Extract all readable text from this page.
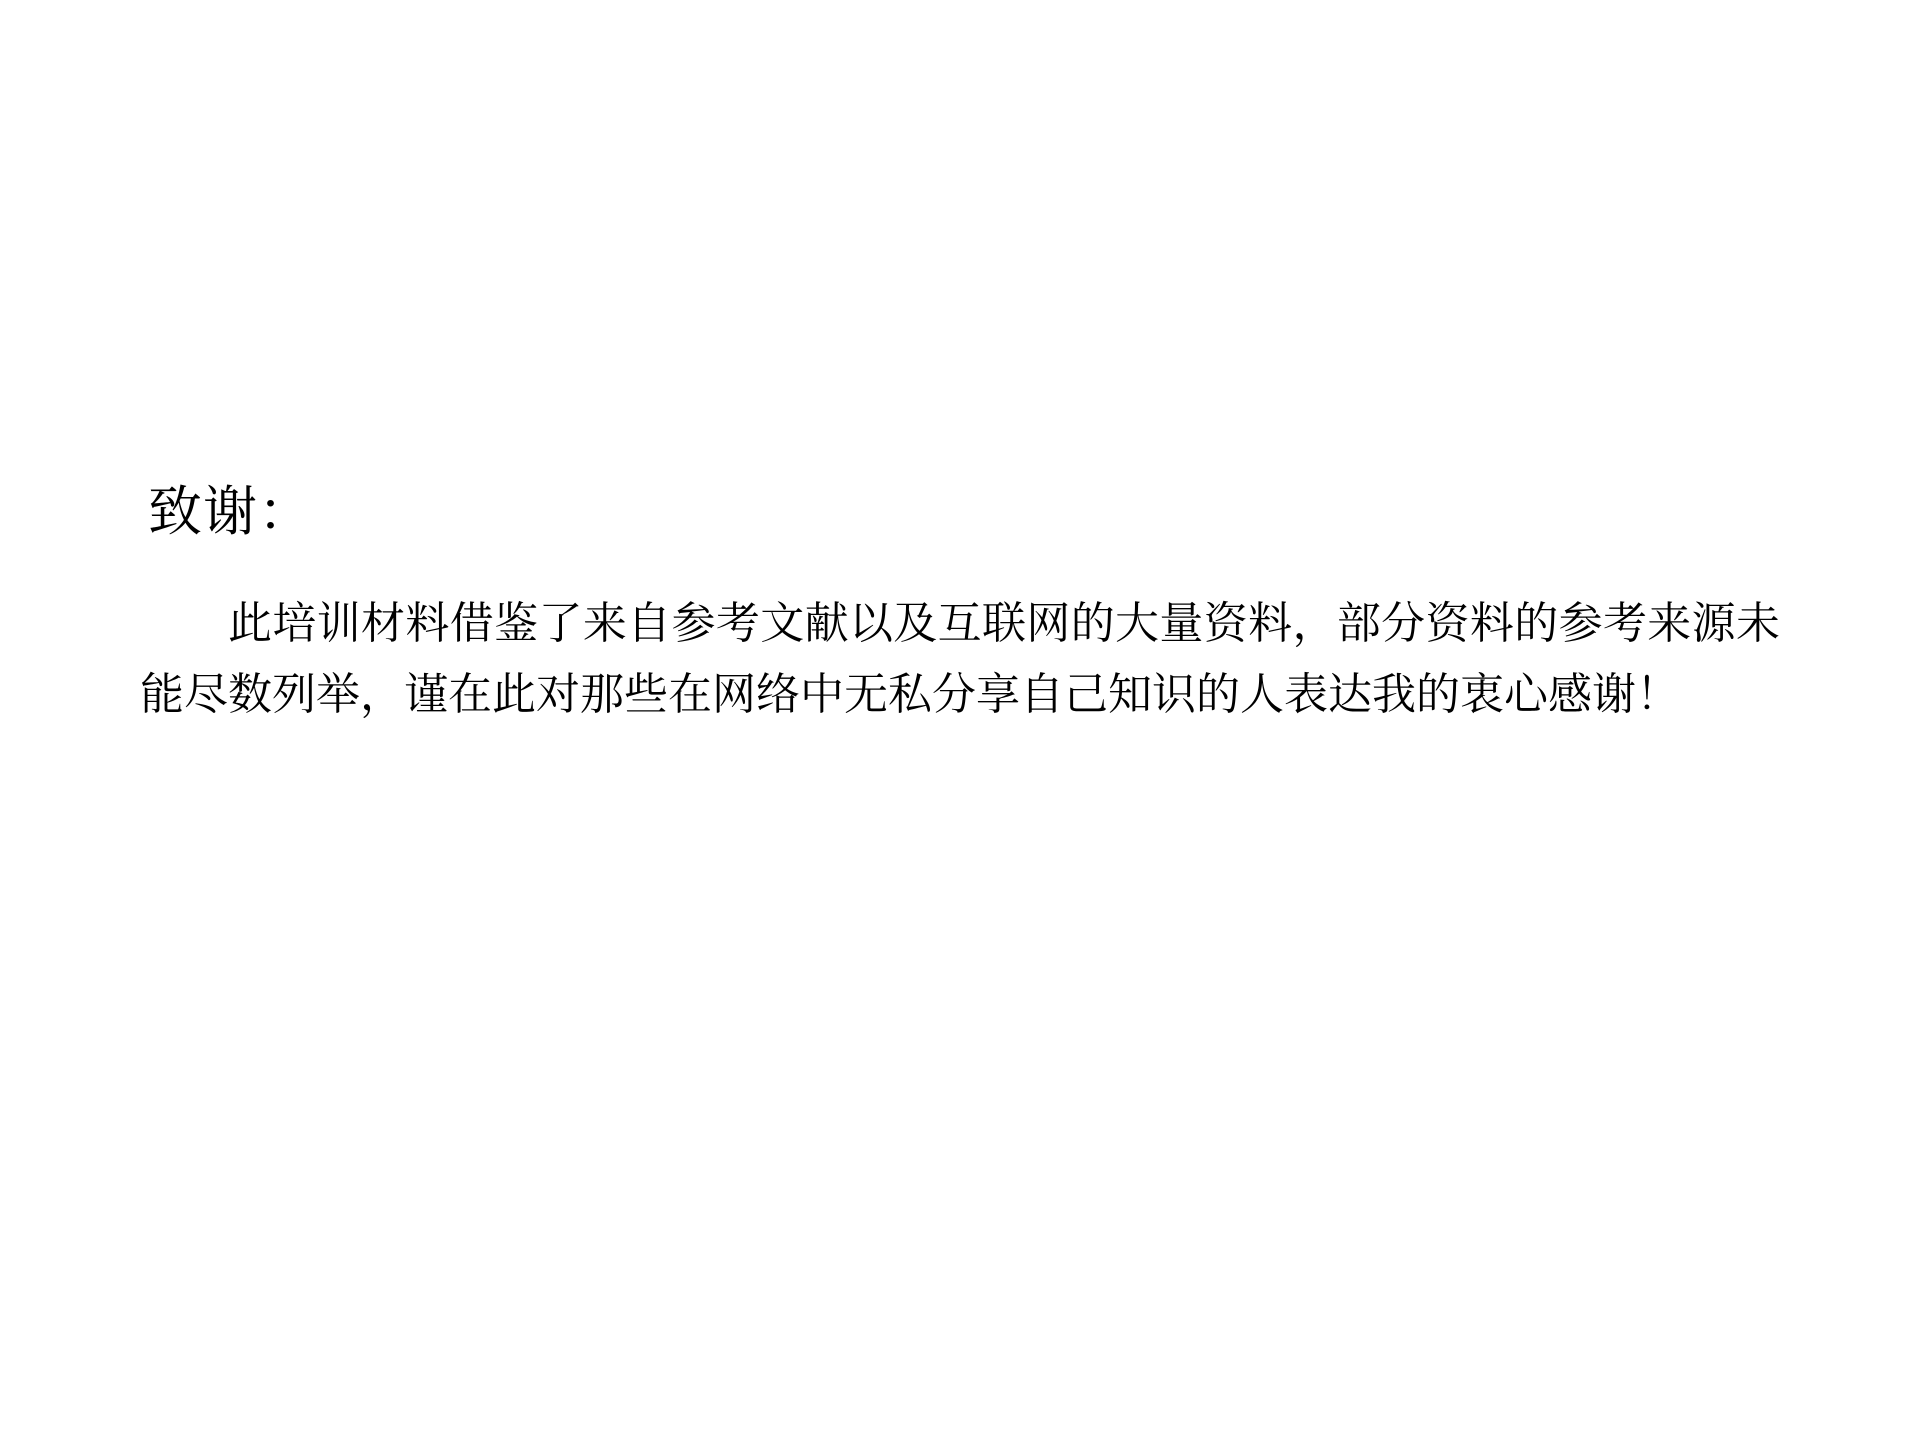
致谢：
此培训材料借鉴了来自参考文献以及互联网的大量资料，部分资料的参考来源未能尽数列举，谨在此对那些在网络中无私分享自己知识的人表达我的衷心感谢！
